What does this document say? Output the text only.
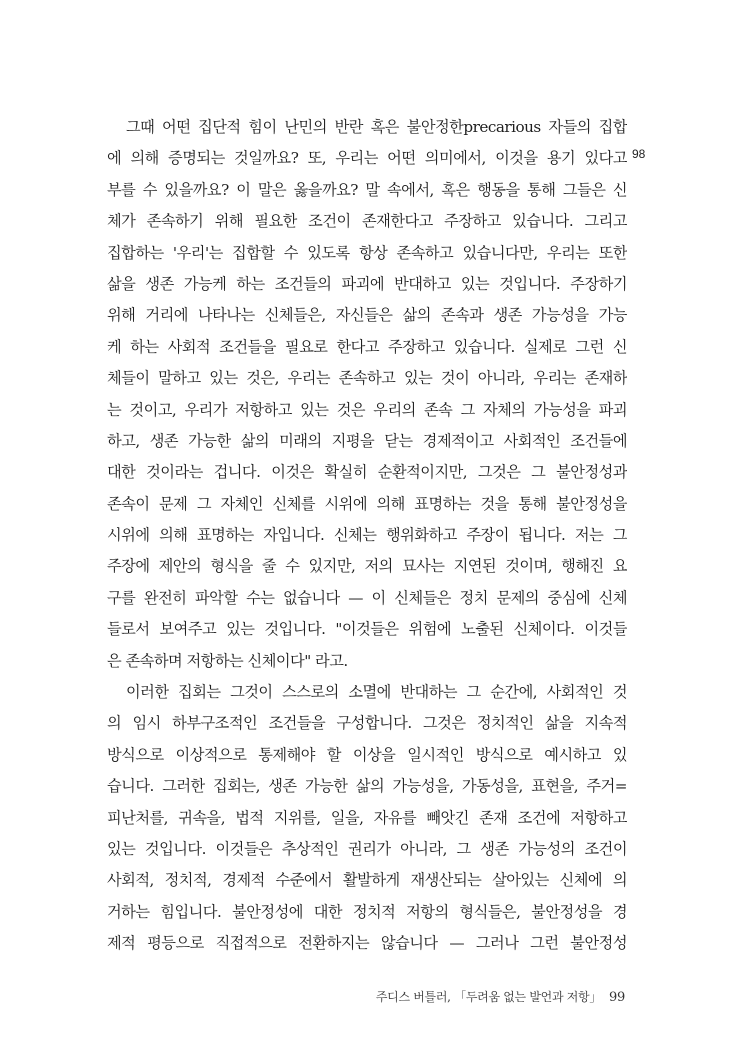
그때 어떤 집단적 힘이 난민의 반란 혹은 불안정한precarious 자들의 집합
에 의해 증명되는 것일까요? 또, 우리는 어떤 의미에서, 이것을 용기 있다고
부를 수 있을까요? 이 말은 옳을까요? 말 속에서, 혹은 행동을 통해 그들은 신
체가 존속하기 위해 필요한 조건이 존재한다고 주장하고 있습니다. 그리고
집합하는 '우리'는 집합할 수 있도록 항상 존속하고 있습니다만, 우리는 또한
삶을 생존 가능케 하는 조건들의 파괴에 반대하고 있는 것입니다. 주장하기
위해 거리에 나타나는 신체들은, 자신들은 삶의 존속과 생존 가능성을 가능
케 하는 사회적 조건들을 필요로 한다고 주장하고 있습니다. 실제로 그런 신
체들이 말하고 있는 것은, 우리는 존속하고 있는 것이 아니라, 우리는 존재하
는 것이고, 우리가 저항하고 있는 것은 우리의 존속 그 자체의 가능성을 파괴
하고, 생존 가능한 삶의 미래의 지평을 닫는 경제적이고 사회적인 조건들에
대한 것이라는 겁니다. 이것은 확실히 순환적이지만, 그것은 그 불안정성과
존속이 문제 그 자체인 신체를 시위에 의해 표명하는 것을 통해 불안정성을
시위에 의해 표명하는 자입니다. 신체는 행위화하고 주장이 됩니다. 저는 그
주장에 제안의 형식을 줄 수 있지만, 저의 묘사는 지연된 것이며, 행해진 요
구를 완전히 파악할 수는 없습니다 — 이 신체들은 정치 문제의 중심에 신체
들로서 보여주고 있는 것입니다. "이것들은 위험에 노출된 신체이다. 이것들
은 존속하며 저항하는 신체이다" 라고.
이러한 집회는 그것이 스스로의 소멸에 반대하는 그 순간에, 사회적인 것
의 임시 하부구조적인 조건들을 구성합니다. 그것은 정치적인 삶을 지속적
방식으로 이상적으로 통제해야 할 이상을 일시적인 방식으로 예시하고 있
습니다. 그러한 집회는, 생존 가능한 삶의 가능성을, 가동성을, 표현을, 주거=
피난처를, 귀속을, 법적 지위를, 일을, 자유를 빼앗긴 존재 조건에 저항하고
있는 것입니다. 이것들은 추상적인 권리가 아니라, 그 생존 가능성의 조건이
사회적, 정치적, 경제적 수준에서 활발하게 재생산되는 살아있는 신체에 의
거하는 힘입니다. 불안정성에 대한 정치적 저항의 형식들은, 불안정성을 경
제적 평등으로 직접적으로 전환하지는 않습니다 — 그러나 그런 불안정성
98
주디스 버틀러, 「두려움 없는 발언과 저항」 99
